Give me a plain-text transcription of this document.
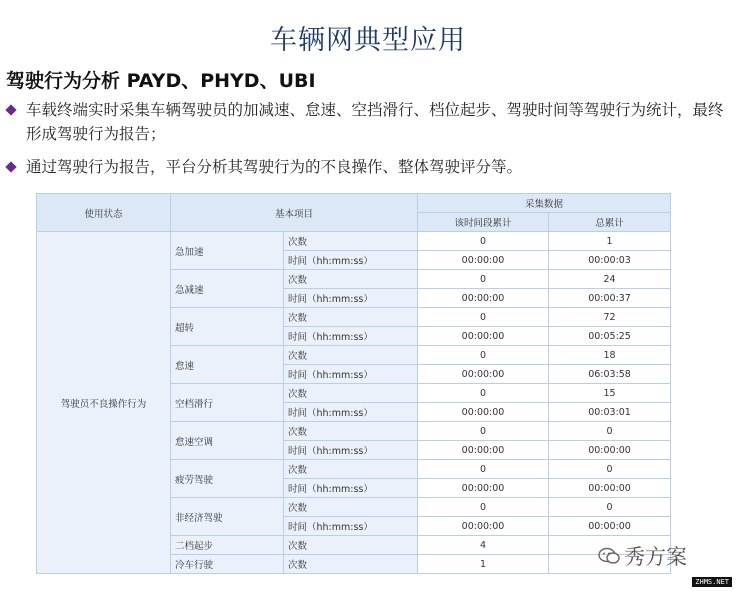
车辆网典型应用
驾驶行为分析 PAYD、PHYD、UBI
车载终端实时采集车辆驾驶员的加减速、怠速、空挡滑行、档位起步、驾驶时间等驾驶行为统计，最终形成驾驶行为报告；
通过驾驶行为报告，平台分析其驾驶行为的不良操作、整体驾驶评分等。
使用状态	基本项目		采集数据	
			该时间段累计	总累计
驾驶员不良操作行为	急加速	次数	0	1
		时间（hh:mm:ss）	00:00:00	00:00:03
	急减速	次数	0	24
		时间（hh:mm:ss）	00:00:00	00:00:37
	超转	次数	0	72
		时间（hh:mm:ss）	00:00:00	00:05:25
	怠速	次数	0	18
		时间（hh:mm:ss）	00:00:00	06:03:58
	空档滑行	次数	0	15
		时间（hh:mm:ss）	00:00:00	00:03:01
	怠速空调	次数	0	0
		时间（hh:mm:ss）	00:00:00	00:00:00
	疲劳驾驶	次数	0	0
		时间（hh:mm:ss）	00:00:00	00:00:00
	非经济驾驶	次数	0	0
		时间（hh:mm:ss）	00:00:00	00:00:00
	二档起步	次数	4	
	冷车行驶	次数	1		秀方案
ZHMS.NET
